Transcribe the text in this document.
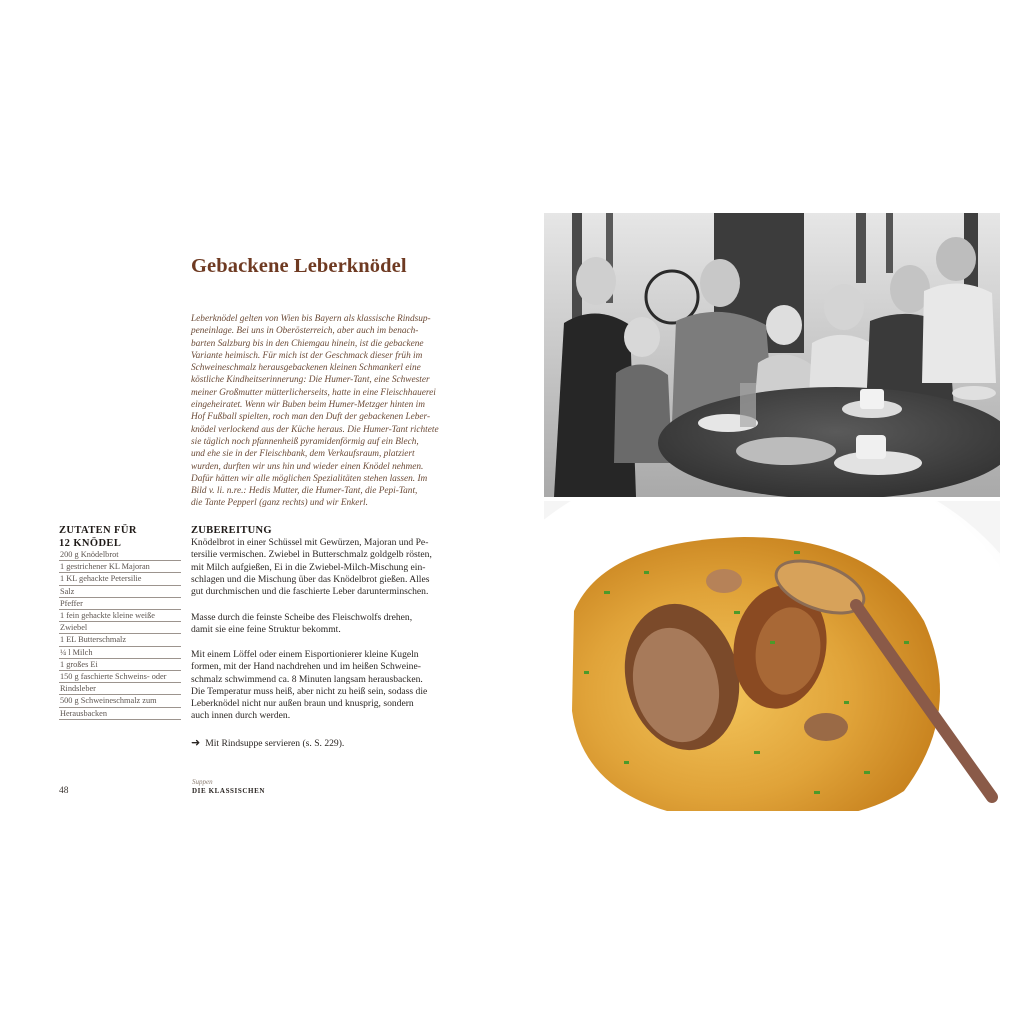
Gebackene Leberknödel
Leberknödel gelten von Wien bis Bayern als klassische Rindsup-
peneinlage. Bei uns in Oberösterreich, aber auch im benach-
barten Salzburg bis in den Chiemgau hinein, ist die gebackene
Variante heimisch. Für mich ist der Geschmack dieser früh im
Schweineschmalz herausgebackenen kleinen Schmankerl eine
köstliche Kindheitserinnerung: Die Humer-Tant, eine Schwester
meiner Großmutter mütterlicherseits, hatte in eine Fleischhauerei
eingeheiratet. Wenn wir Buben beim Humer-Metzger hinten im
Hof Fußball spielten, roch man den Duft der gebackenen Leber-
knödel verlockend aus der Küche heraus. Die Humer-Tant richtete
sie täglich noch pfannenheiß pyramidenförmig auf ein Blech,
und ehe sie in der Fleischbank, dem Verkaufsraum, platziert
wurden, durften wir uns hin und wieder einen Knödel nehmen.
Dafür hätten wir alle möglichen Spezialitäten stehen lassen. Im
Bild v. li. n.re.: Hedis Mutter, die Humer-Tant, die Pepi-Tant,
die Tante Pepperl (ganz rechts) und wir Enkerl.
ZUTATEN FÜR
12 KNÖDEL
200 g Knödelbrot
1 gestrichener KL Majoran
1 KL gehackte Petersilie
Salz
Pfeffer
1 fein gehackte kleine weiße
Zwiebel
1 EL Butterschmalz
¼ l Milch
1 großes Ei
150 g faschierte Schweins- oder
Rindsleber
500 g Schweineschmalz zum
Herausbacken
ZUBEREITUNG
Knödelbrot in einer Schüssel mit Gewürzen, Majoran und Pe-
tersilie vermischen. Zwiebel in Butterschmalz goldgelb rösten,
mit Milch aufgießen, Ei in die Zwiebel-Milch-Mischung ein-
schlagen und die Mischung über das Knödelbrot gießen. Alles
gut durchmischen und die faschierte Leber darunterminschen.
Masse durch die feinste Scheibe des Fleischwolfs drehen,
damit sie eine feine Struktur bekommt.
Mit einem Löffel oder einem Eisportionierer kleine Kugeln
formen, mit der Hand nachdrehen und im heißen Schweine-
schmalz schwimmend ca. 8 Minuten langsam herausbacken.
Die Temperatur muss heiß, aber nicht zu heiß sein, sodass die
Leberknödel nicht nur außen braun und knusprig, sondern
auch innen durch werden.
➜ Mit Rindsuppe servieren (s. S. 229).
48
Suppen
DIE KLASSISCHEN
